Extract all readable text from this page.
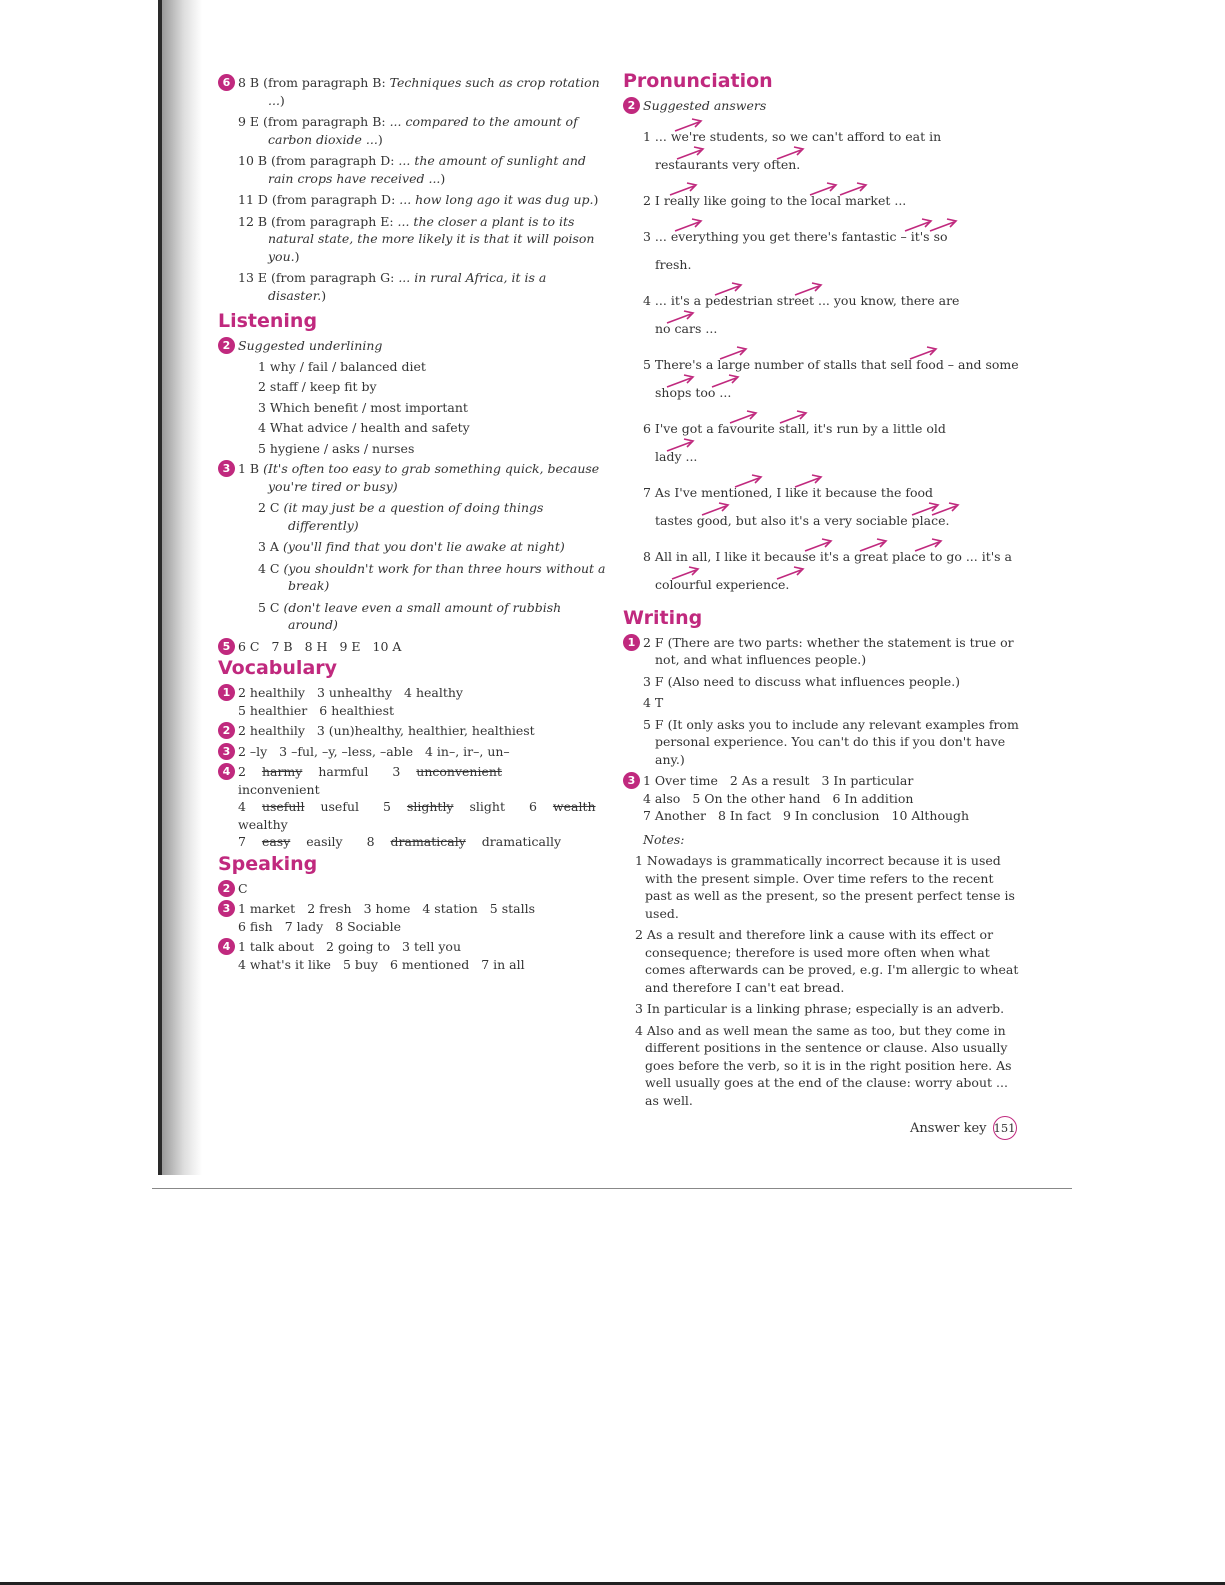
6 8 B (from paragraph B: Techniques such as crop rotation ...)
9 E (from paragraph B: ... compared to the amount of carbon dioxide ...)
10 B (from paragraph D: ... the amount of sunlight and rain crops have received ...)
11 D (from paragraph D: ... how long ago it was dug up.)
12 B (from paragraph E: ... the closer a plant is to its natural state, the more likely it is that it will poison you.)
13 E (from paragraph G: ... in rural Africa, it is a disaster.)
Listening
2 Suggested underlining
1 why / fail / balanced diet
2 staff / keep fit by
3 Which benefit / most important
4 What advice / health and safety
5 hygiene / asks / nurses
3 1 B (It's often too easy to grab something quick, because you're tired or busy)
2 C (it may just be a question of doing things differently)
3 A (you'll find that you don't lie awake at night)
4 C (you shouldn't work for than three hours without a break)
5 C (don't leave even a small amount of rubbish around)
5 6 C 7 B 8 H 9 E 10 A
Vocabulary
1 2 healthily 3 unhealthy 4 healthy
5 healthier 6 healthiest
2 2 healthily   3 (un)healthy, healthier, healthiest
3 2 –ly   3 –ful, –y, –less, –able   4 in–, ir–, un–
4 2 harmy harmful 3 unconvenient inconvenient
4 usefull useful 5 slightly slight 6 wealth wealthy
7 easy easily 8 dramaticaly dramatically
Speaking
2 C
3 1 market 2 fresh 3 home 4 station 5 stalls
6 fish 7 lady 8 Sociable
4 1 talk about 2 going to 3 tell you
4 what's it like 5 buy 6 mentioned 7 in all
Pronunciation
2 Suggested answers
1 ... we're students, so we can't afford to eat in
restaurants very often.
2 I really like going to the local market ...
3 ... everything you get there's fantastic – it's so
fresh.
4 ... it's a pedestrian street ... you know, there are
no cars ...
5 There's a large number of stalls that sell food – and some
shops too ...
6 I've got a favourite stall, it's run by a little old
lady ...
7 As I've mentioned, I like it because the food
tastes good, but also it's a very sociable place.
8 All in all, I like it because it's a great place to go ... it's a
colourful experience.
Writing
1 2 F (There are two parts: whether the statement is true or not, and what influences people.)
3 F (Also need to discuss what influences people.)
4 T
5 F (It only asks you to include any relevant examples from personal experience. You can't do this if you don't have any.)
3 1 Over time 2 As a result 3 In particular
4 also 5 On the other hand 6 In addition
7 Another 8 In fact 9 In conclusion 10 Although
Notes:
1 Nowadays is grammatically incorrect because it is used with the present simple. Over time refers to the recent past as well as the present, so the present perfect tense is used.
2 As a result and therefore link a cause with its effect or consequence; therefore is used more often when what comes afterwards can be proved, e.g. I'm allergic to wheat and therefore I can't eat bread.
3 In particular is a linking phrase; especially is an adverb.
4 Also and as well mean the same as too, but they come in different positions in the sentence or clause. Also usually goes before the verb, so it is in the right position here. As well usually goes at the end of the clause: worry about ... as well.
Answer key 151
